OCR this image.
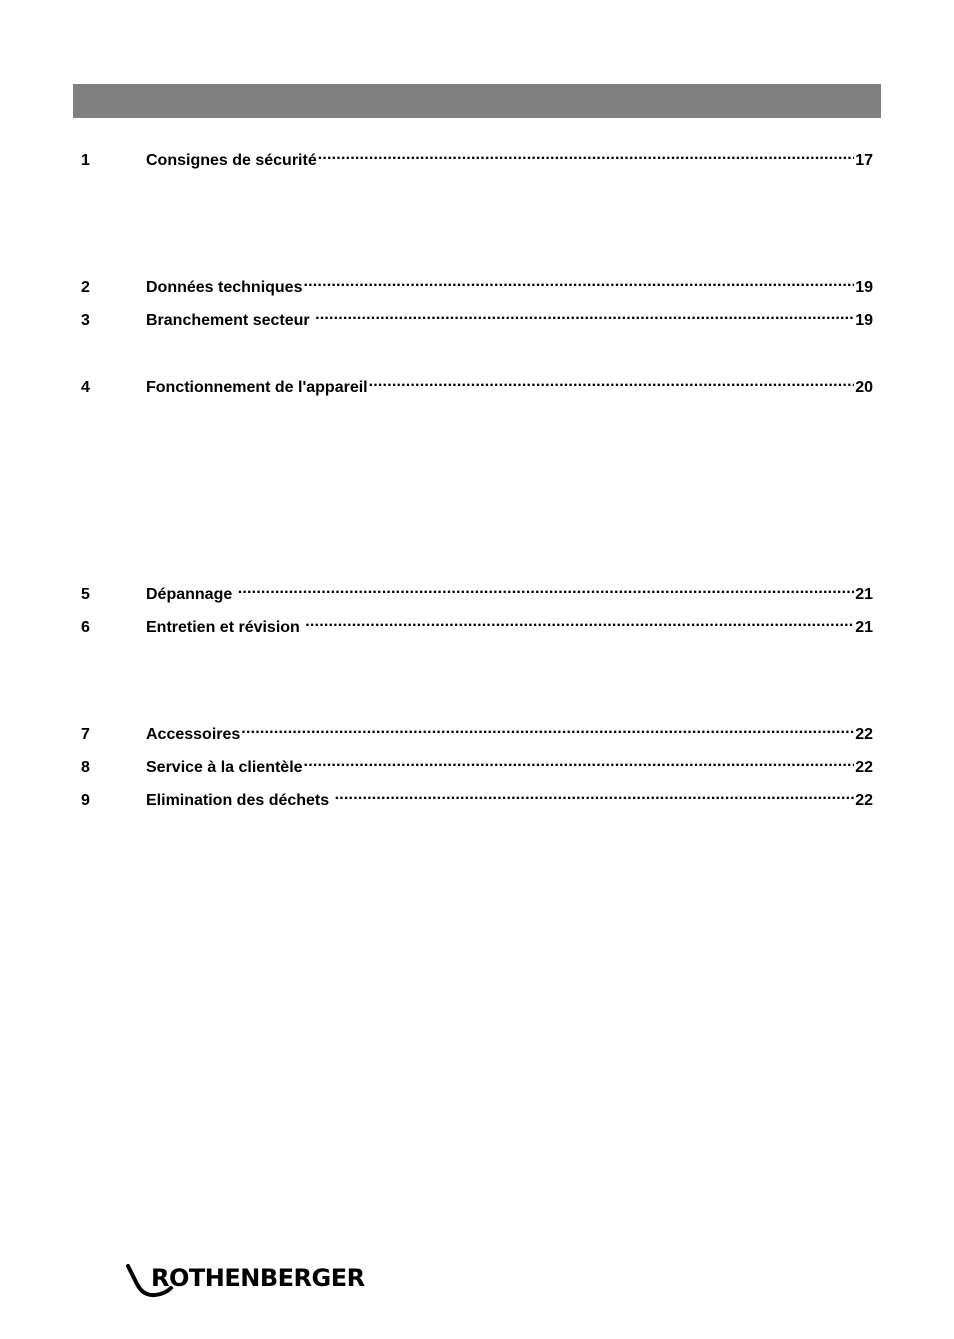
1	Consignes de sécurité .....	17
2	Données techniques .....	19
3	Branchement secteur .....	19
4	Fonctionnement de l'appareil .....	20
5	Dépannage .....	21
6	Entretien et révision .....	21
7	Accessoires .....	22
8	Service à la clientèle .....	22
9	Elimination des déchets .....	22
ROTHENBERGER
